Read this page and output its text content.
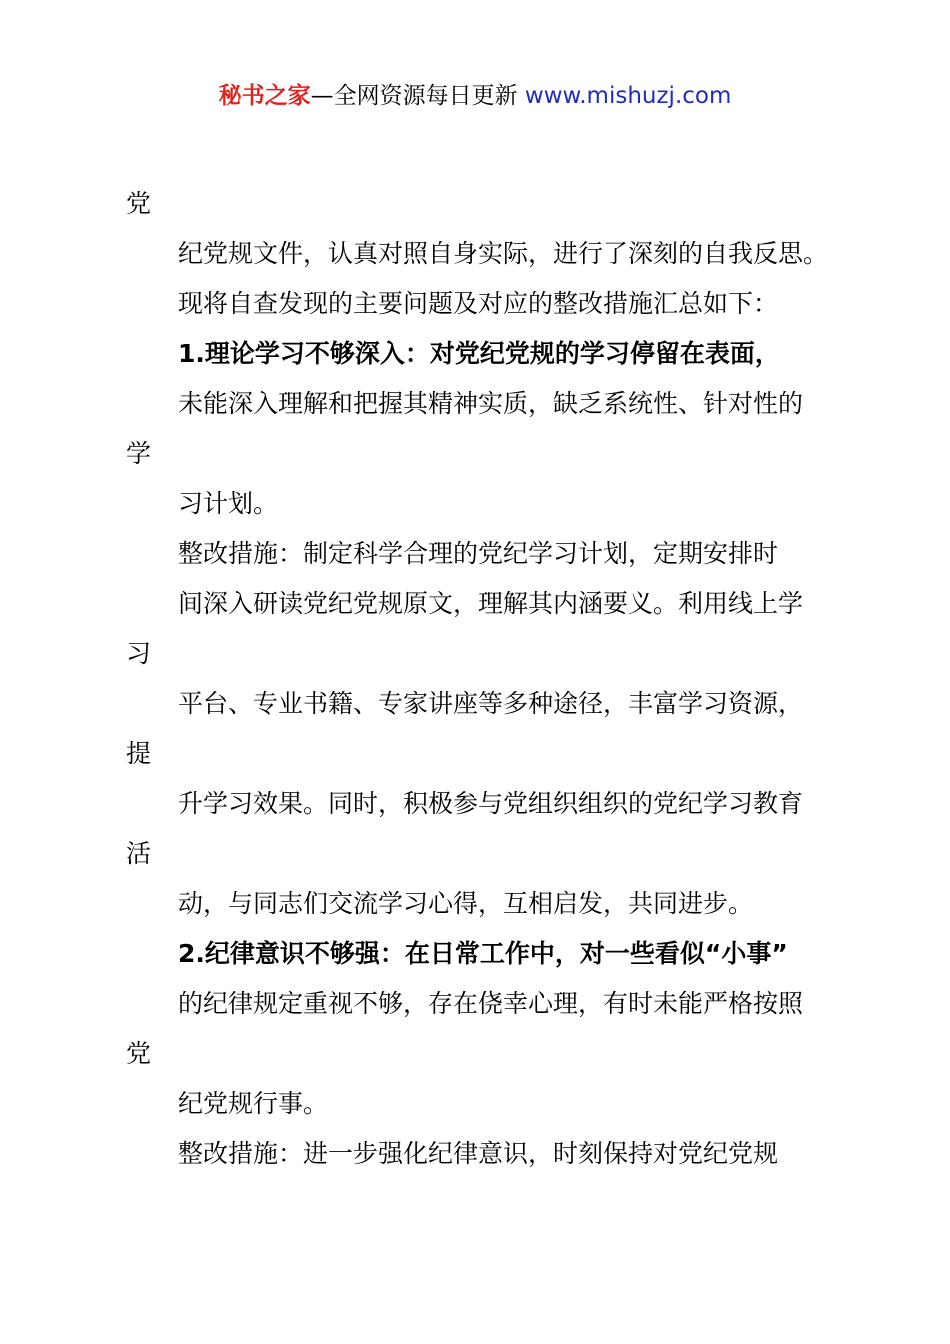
秘书之家—全网资源每日更新 www.mishuzj.com
党
纪党规文件，认真对照自身实际，进行了深刻的自我反思。
现将自查发现的主要问题及对应的整改措施汇总如下：
1.理论学习不够深入：对党纪党规的学习停留在表面，
未能深入理解和把握其精神实质，缺乏系统性、针对性的
学
习计划。
整改措施：制定科学合理的党纪学习计划，定期安排时
间深入研读党纪党规原文，理解其内涵要义。利用线上学
习
平台、专业书籍、专家讲座等多种途径，丰富学习资源，
提
升学习效果。同时，积极参与党组织组织的党纪学习教育
活
动，与同志们交流学习心得，互相启发，共同进步。
2.纪律意识不够强：在日常工作中，对一些看似“小事”
的纪律规定重视不够，存在侥幸心理，有时未能严格按照
党
纪党规行事。
整改措施：进一步强化纪律意识，时刻保持对党纪党规
